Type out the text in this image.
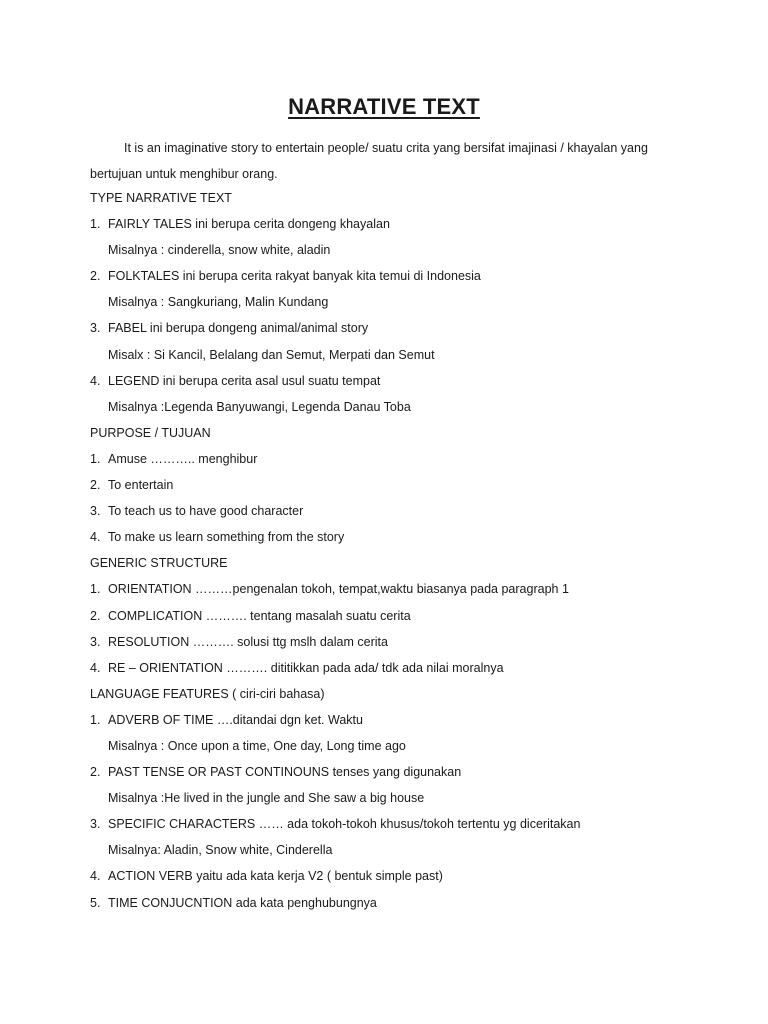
NARRATIVE TEXT

It is an imaginative story to entertain people/ suatu crita yang bersifat imajinasi / khayalan yang
bertujuan untuk menghibur orang.

TYPE NARRATIVE TEXT
1. FAIRLY TALES ini berupa cerita dongeng khayalan
Misalnya : cinderella, snow white, aladin
2. FOLKTALES ini berupa cerita rakyat banyak kita temui di Indonesia
Misalnya : Sangkuriang, Malin Kundang
3. FABEL ini berupa dongeng animal/animal story
Misalx : Si Kancil, Belalang dan Semut, Merpati dan Semut
4. LEGEND ini berupa cerita asal usul suatu tempat
Misalnya :Legenda Banyuwangi, Legenda Danau Toba
PURPOSE / TUJUAN
1. Amuse ……….. menghibur
2. To entertain
3. To teach us to have good character
4. To make us learn something from the story
GENERIC STRUCTURE
1. ORIENTATION ………pengenalan tokoh, tempat,waktu biasanya pada paragraph 1
2. COMPLICATION ………. tentang masalah suatu cerita
3. RESOLUTION ………. solusi ttg mslh dalam cerita
4. RE – ORIENTATION ………. dititikkan pada ada/ tdk ada nilai moralnya
LANGUAGE FEATURES ( ciri-ciri bahasa)
1. ADVERB OF TIME ….ditandai dgn ket. Waktu
Misalnya : Once upon a time, One day, Long time ago
2. PAST TENSE OR PAST CONTINOUNS tenses yang digunakan
Misalnya :He lived in the jungle and She saw a big house
3. SPECIFIC CHARACTERS …… ada tokoh-tokoh khusus/tokoh tertentu yg diceritakan
Misalnya: Aladin, Snow white, Cinderella
4. ACTION VERB yaitu ada kata kerja V2 ( bentuk simple past)
5. TIME CONJUCNTION ada kata penghubungnya
